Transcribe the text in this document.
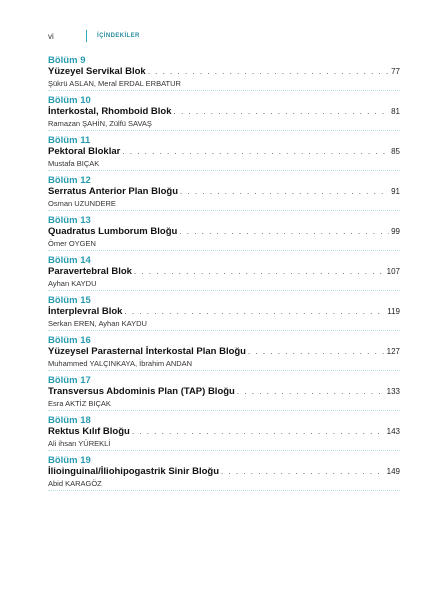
vi	İÇİNDEKİLER
Bölüm 9
Yüzeyel Servikal Blok . . .	77
Şükrü ASLAN, Meral ERDAL ERBATUR
Bölüm 10
İnterkostal, Rhomboid Blok . . .	81
Ramazan ŞAHİN, Zülfü SAVAŞ
Bölüm 11
Pektoral Bloklar . . .	85
Mustafa BIÇAK
Bölüm 12
Serratus Anterior Plan Bloğu . . .	91
Osman UZUNDERE
Bölüm 13
Quadratus Lumborum Bloğu . . .	99
Ömer OYGEN
Bölüm 14
Paravertebral Blok . . .	107
Ayhan KAYDU
Bölüm 15
İnterplevral Blok . . .	119
Serkan EREN, Ayhan KAYDU
Bölüm 16
Yüzeysel Parasternal İnterkostal Plan Bloğu . . .	127
Muhammed YALÇINKAYA, İbrahim ANDAN
Bölüm 17
Transversus Abdominis Plan (TAP) Bloğu . . .	133
Esra AKTİZ BIÇAK
Bölüm 18
Rektus Kılıf Bloğu . . .	143
Ali ihsan YÜREKLİ
Bölüm 19
İlioinguinal/İliohipogastrik Sinir Bloğu . . .	149
Abid KARAGÖZ
